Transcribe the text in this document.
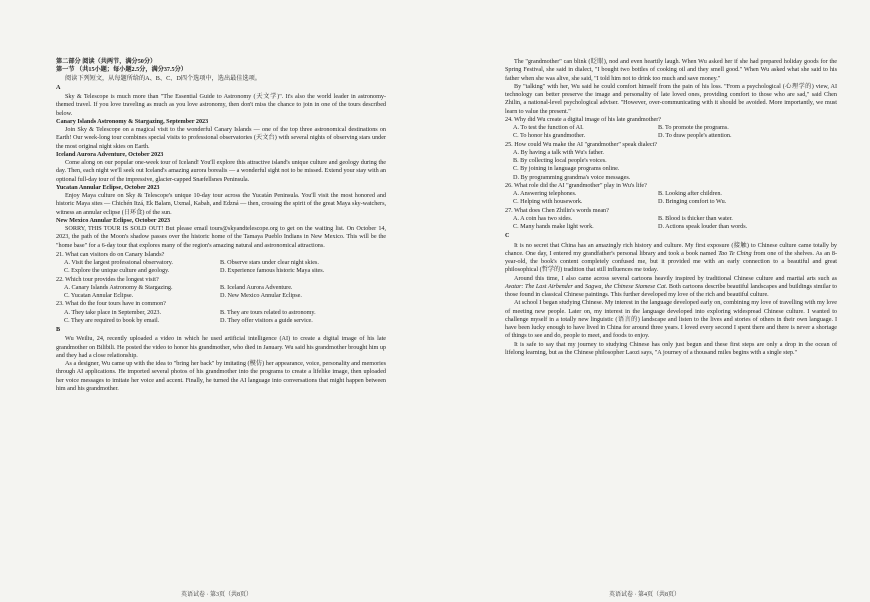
第二部分 阅读（共两节，满分50分）

第一节 （共15小题；每小题2.5分，满分37.5分）

阅读下列短文，从每题所给的A、B、C、D四个选项中，选出最佳选项。

A

Sky & Telescope is much more than "The Essential Guide to Astronomy (天文学)". It's also the world leader in astronomy-themed travel. If you love traveling as much as you love astronomy, then don't miss the chance to join in one of the tours described below.

Canary Islands Astronomy & Stargazing, September 2023

Join Sky & Telescope on a magical visit to the wonderful Canary Islands — one of the top three astronomical destinations on Earth! Our week-long tour combines special visits to professional observatories (天文台) with several nights of observing stars under the most original night skies on Earth.

Iceland Aurora Adventure, October 2023

Come along on our popular one-week tour of Iceland! You'll explore this attractive island's unique culture and geology during the day. Then, each night we'll seek out Iceland's amazing aurora borealis — a wonderful sight not to be missed. Extend your stay with an optional full-day tour of the impressive, glacier-capped Snæfellsnes Peninsula.

Yucatan Annular Eclipse, October 2023

Enjoy Maya culture on Sky & Telescope's unique 10-day tour across the Yucatán Peninsula. You'll visit the most honored and historic Maya sites — Chichén Itzá, Ek Balam, Uxmal, Kabah, and Edzná — then, crossing the spirit of the great Maya sky-watchers, witness an annular eclipse (日环食) of the sun.

New Mexico Annular Eclipse, October 2023

SORRY, THIS TOUR IS SOLD OUT! But please email tours@skyandtelescope.org to get on the waiting list. On October 14, 2023, the path of the Moon's shadow passes over the historic home of the Tamaya Pueblo Indians in New Mexico. This will be the "home base" for a 6-day tour that explores many of the region's amazing natural and astronomical attractions.

21. What can visitors do on Canary Islands?

A. Visit the largest professional observatory.	B. Observe stars under clear night skies.
C. Explore the unique culture and geology.	D. Experience famous historic Maya sites.

22. Which tour provides the longest visit?

A. Canary Islands Astronomy & Stargazing.	B. Iceland Aurora Adventure.
C. Yucatan Annular Eclipse.	D. New Mexico Annular Eclipse.

23. What do the four tours have in common?

A. They take place in September, 2023.	B. They are tours related to astronomy.
C. They are required to book by email.	D. They offer visitors a guide service.

B

Wu Weiliu, 24, recently uploaded a video in which he used artificial intelligence (AI) to create a digital image of his late grandmother on Bilibili. He posted the video to honor his grandmother, who died in January. Wu said his grandmother brought him up and they had a close relationship.

As a designer, Wu came up with the idea to "bring her back" by imitating (模仿) her appearance, voice, personality and memories through AI applications. He imported several photos of his grandmother into the programs to create a lifelike image, then uploaded her voice messages to imitate her voice and accent. Finally, he turned the AI language into conversations that might happen between him and his grandmother.

英语试卷 · 第3页（共8页）

The "grandmother" can blink (眨眼), nod and even heartily laugh. When Wu asked her if she had prepared holiday goods for the Spring Festival, she said in dialect, "I bought two bottles of cooking oil and they smell good." When Wu asked what she said to his father when she was alive, she said, "I told him not to drink too much and save money."

By "talking" with her, Wu said he could comfort himself from the pain of his loss. "From a psychological (心理学的) view, AI technology can better preserve the image and personality of late loved ones, providing comfort to those who are sad," said Chen Zhilin, a national-level psychological adviser. "However, over-communicating with it should be avoided. More importantly, we must learn to value the present."

24. Why did Wu create a digital image of his late grandmother?

A. To test the function of AI.	B. To promote the programs.
C. To honor his grandmother.	D. To draw people's attention.

25. How could Wu make the AI "grandmother" speak dialect?

A. By having a talk with Wu's father.

B. By collecting local people's voices.

C. By joining in language programs online.

D. By programming grandma's voice messages.

26. What role did the AI "grandmother" play in Wu's life?

A. Answering telephones.	B. Looking after children.
C. Helping with housework.	D. Bringing comfort to Wu.

27. What does Chen Zhilin's words mean?

A. A coin has two sides.	B. Blood is thicker than water.
C. Many hands make light work.	D. Actions speak louder than words.

C

It is no secret that China has an amazingly rich history and culture. My first exposure (接触) to Chinese culture came totally by chance. One day, I entered my grandfather's personal library and took a book named Tao Te Ching from one of the shelves. As an 8-year-old, the book's content completely confused me, but it provided me with an early connection to a beautiful and great philosophical (哲学的) tradition that still influences me today.

Around this time, I also came across several cartoons heavily inspired by traditional Chinese culture and martial arts such as Avatar: The Last Airbender and Sagwa, the Chinese Siamese Cat. Both cartoons describe beautiful landscapes and buildings similar to those found in classical Chinese paintings. This further developed my love of the rich and beautiful culture.

At school I began studying Chinese. My interest in the language developed early on, combining my love of travelling with my love of meeting new people. Later on, my interest in the language developed into exploring widespread Chinese culture. I wanted to challenge myself in a totally new linguistic (语言的) landscape and listen to the lives and stories of others in their own language. I have been lucky enough to have lived in China for around three years. I loved every second I spent there and there is never a shortage of things to see and do, people to meet, and foods to enjoy.

It is safe to say that my journey to studying Chinese has only just begun and these first steps are only a drop in the ocean of lifelong learning, but as the Chinese philosopher Laozi says, "A journey of a thousand miles begins with a single step."

英语试卷 · 第4页（共8页）
